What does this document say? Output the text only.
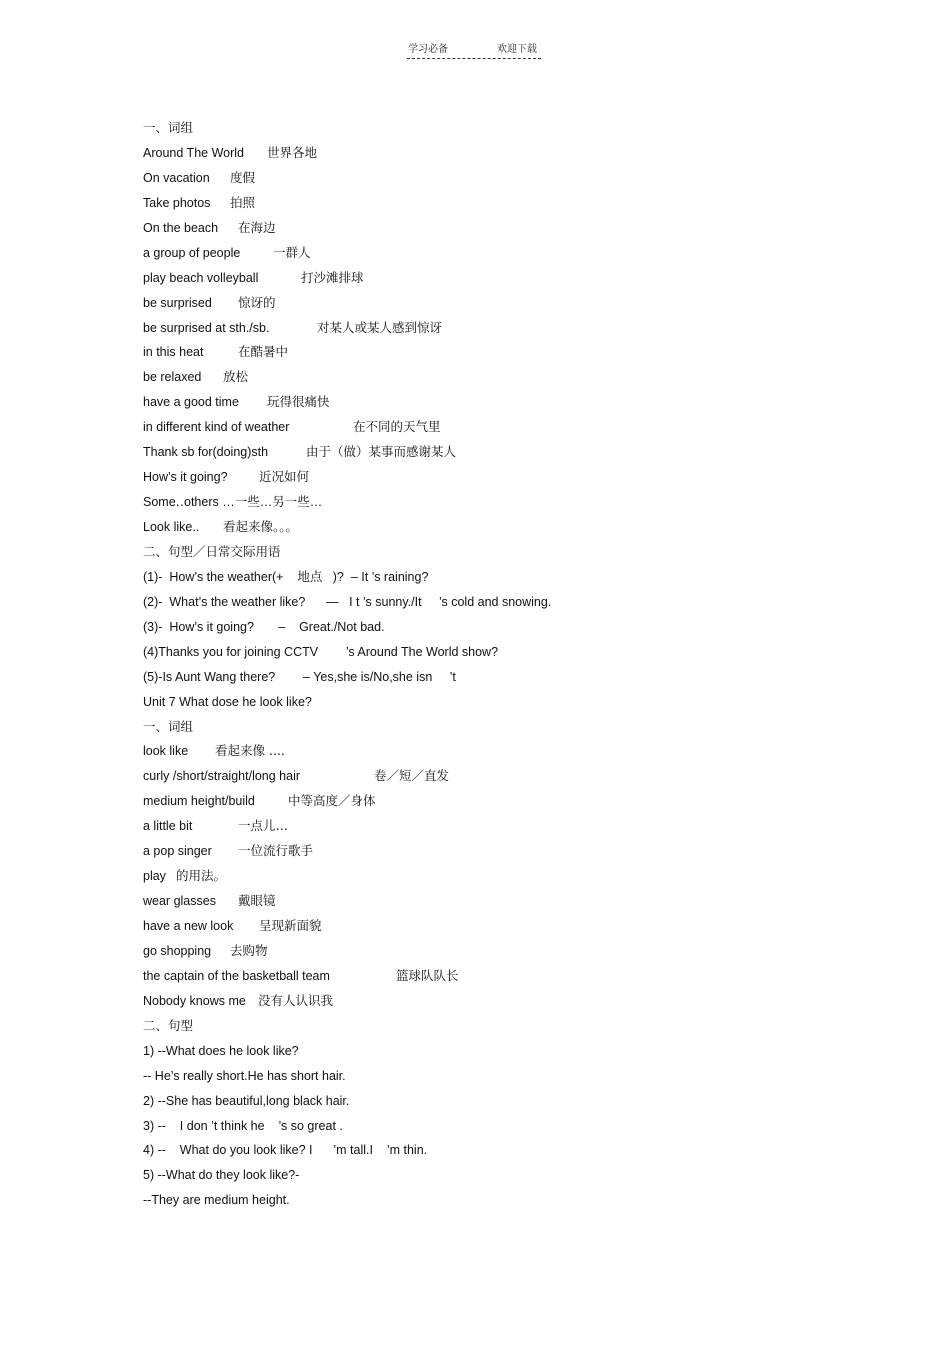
学习必备	欢迎下载
一、词组
Around The World 世界各地
On vacation 度假
Take photos 拍照
On the beach 在海边
a group of people	一群人
play beach volleyball	打沙滩排球
be surprised 惊讶的
be surprised at sth./sb.	对某人或某人感到惊讶
in this heat	在酷暑中
be relaxed 放松
have a good time 玩得很痛快
in different kind of weather	在不同的天气里
Thank sb for(doing)sth	由于（做）某事而感谢某人
How’s it going?	近况如何
Some‥others …一些…另一些…
Look like.. 看起来像。。。
二、句型／日常交际用语
(1)-  How’s the weather(+    地点   )?  – It ’s raining?
(2)-  What’s the weather like?      —   I t ’s sunny./It     ’s cold and snowing.
(3)-  How’s it going?       –    Great./Not bad.
(4)Thanks you for joining CCTV        ’s Around The World show?
(5)-Is Aunt Wang there?        – Yes,she is/No,she isn     ’t
Unit 7 What dose he look like?
一、词组
look like 看起来像 ....
curly /short/straight/long hair	卷／短／直发
medium height/build	中等高度／身体
a little bit	一点儿…
a pop singer 一位流行歌手
play 的用法。
wear glasses 戴眼镜
have a new look 呈现新面貌
go shopping 去购物
the captain of the basketball team	篮球队队长
Nobody knows me 没有人认识我
二、句型
1) --What does he look like?
-- He’s really short.He has short hair.
2) --She has beautiful,long black hair.
3) --    I don ’t think he    ’s so great .
4) --    What do you look like? I      ’m tall.I    ’m thin.
5) --What do they look like?-
--They are medium height.
